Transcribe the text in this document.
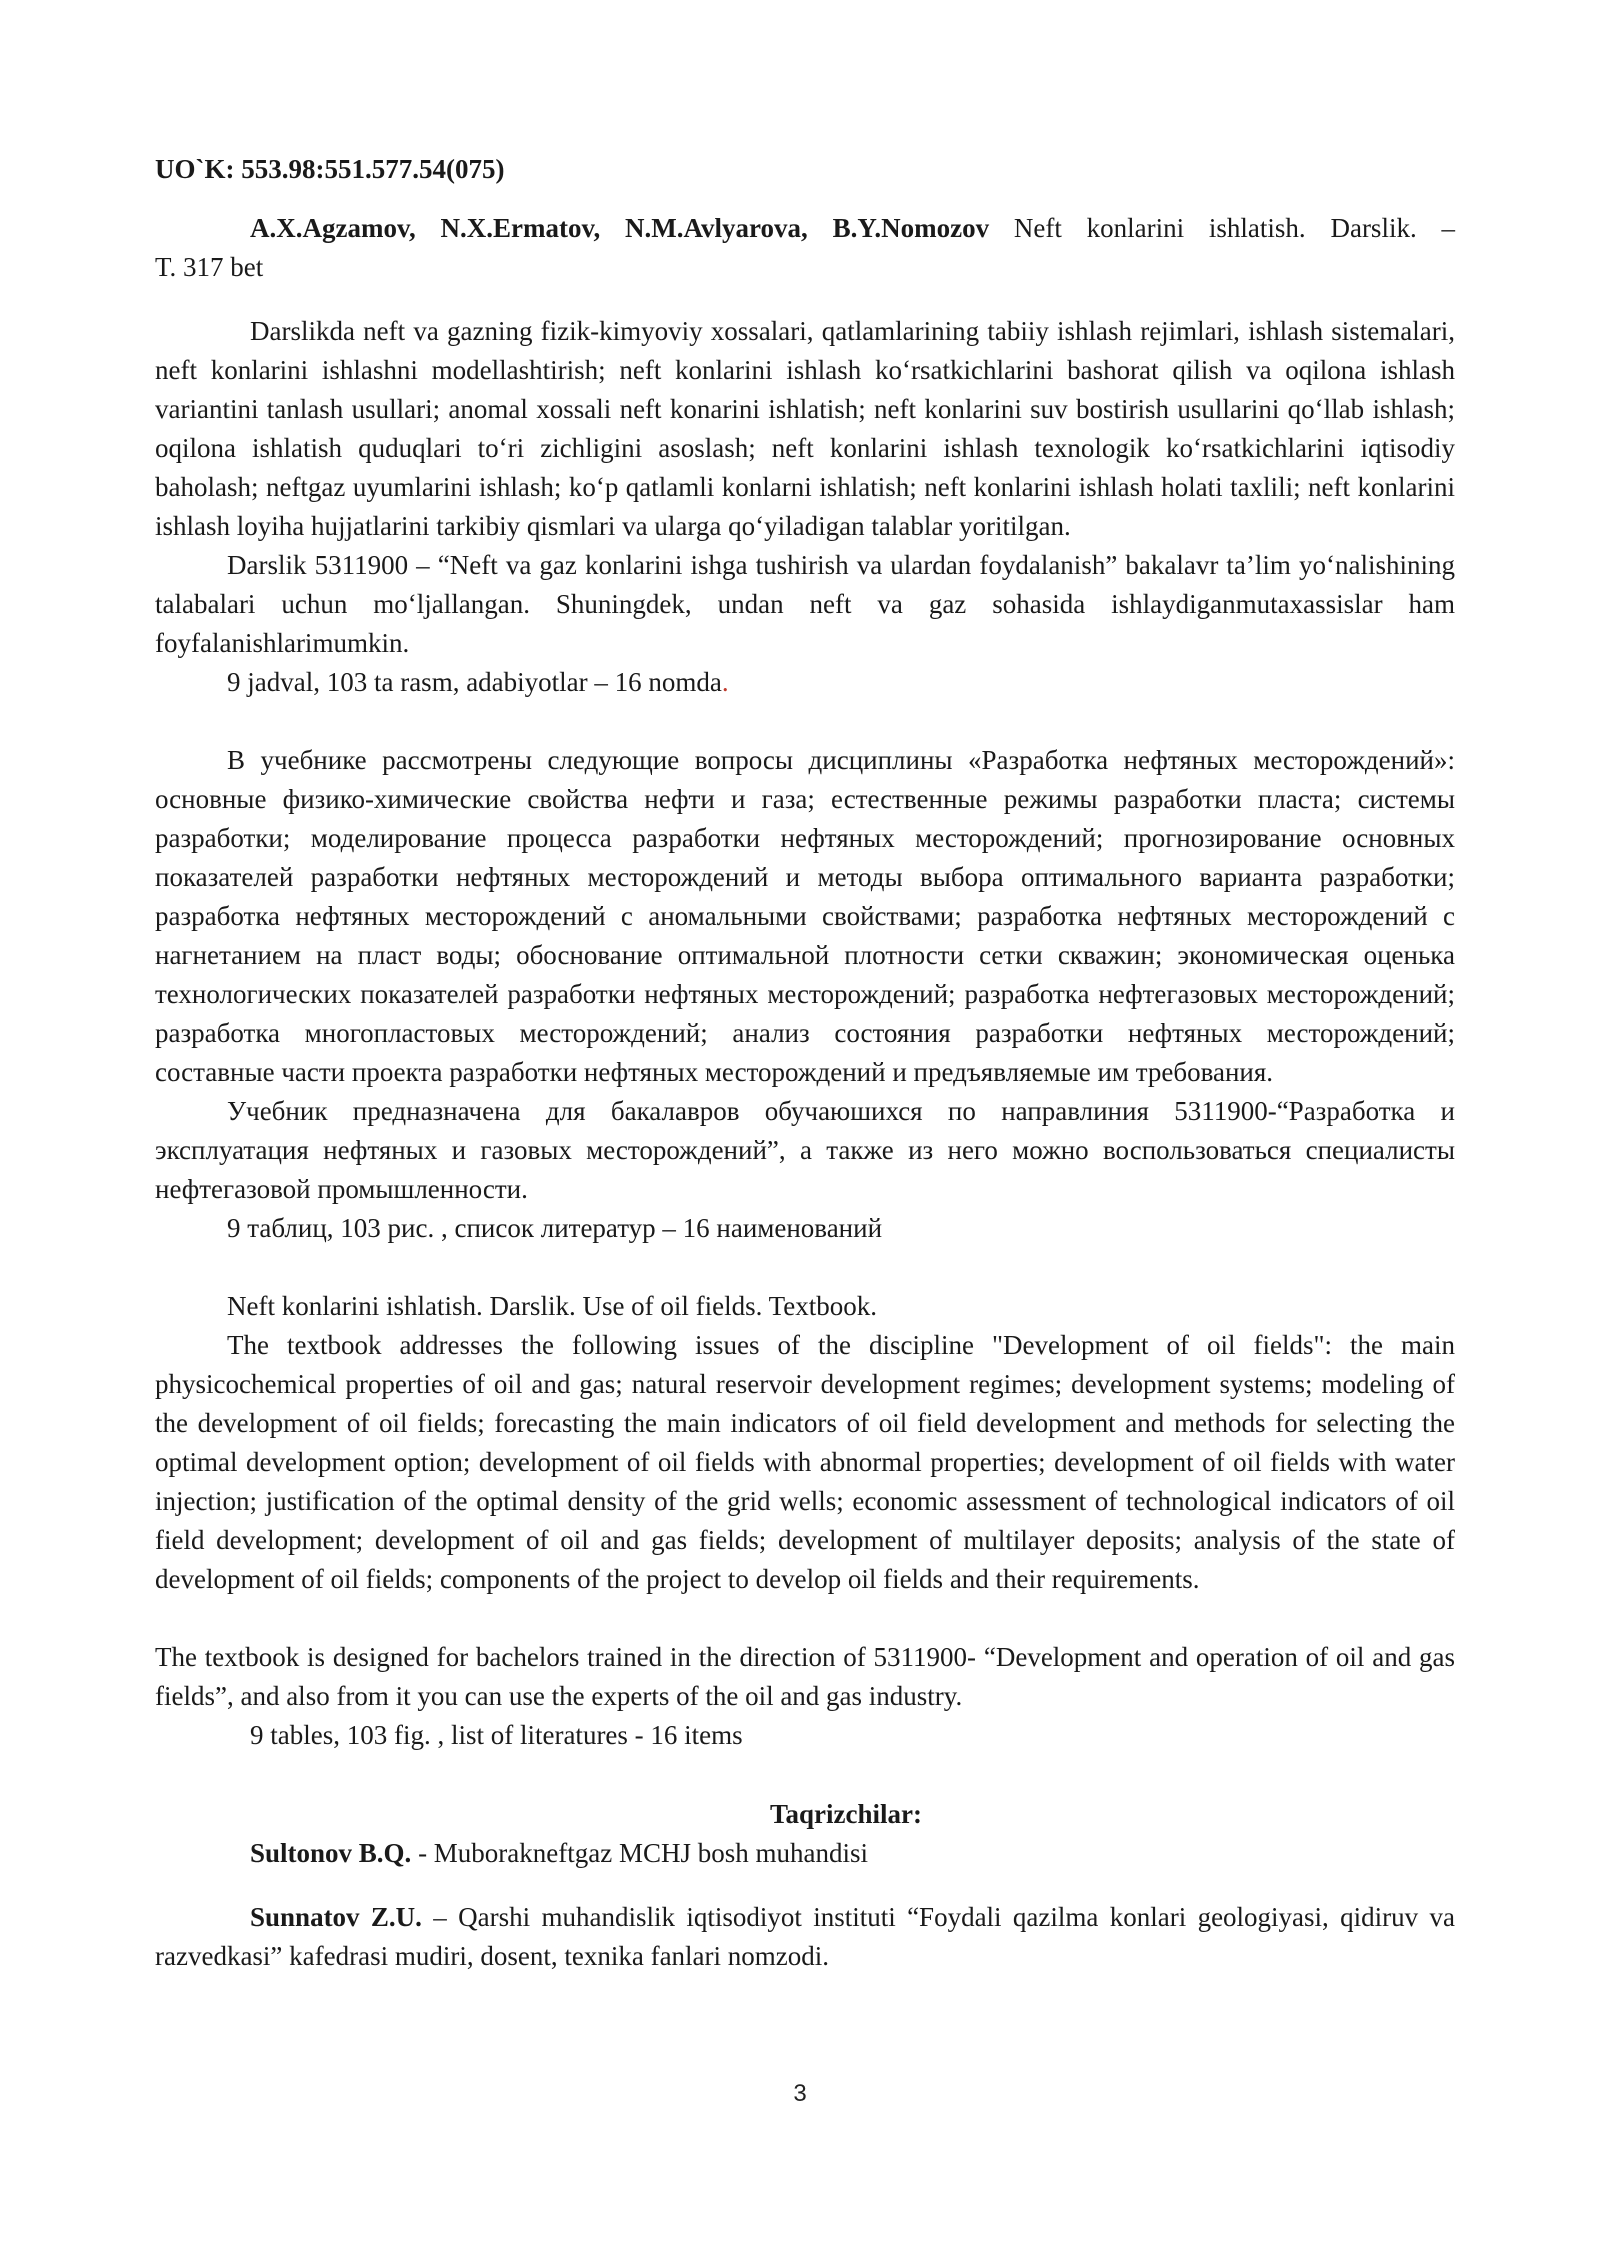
UO`K: 553.98:551.577.54(075)

A.X.Agzamov, N.X.Ermatov, N.M.Avlyarova, B.Y.Nomozov Neft konlarini ishlatish. Darslik. –

T. 317 bet

Darslikda neft va gazning fizik-kimyoviy xossalari, qatlamlarining tabiiy ishlash rejimlari, ishlash sistemalari, neft konlarini ishlashni modellashtirish; neft konlarini ishlash ko‘rsatkichlarini bashorat qilish va oqilona ishlash variantini tanlash usullari; anomal xossali neft konarini ishlatish; neft konlarini suv bostirish usullarini qo‘llab ishlash; oqilona ishlatish quduqlari to‘ri zichligini asoslash; neft konlarini ishlash texnologik ko‘rsatkichlarini iqtisodiy baholash; neftgaz uyumlarini ishlash; ko‘p qatlamli konlarni ishlatish; neft konlarini ishlash holati taxlili; neft konlarini ishlash loyiha hujjatlarini tarkibiy qismlari va ularga qo‘yiladigan talablar yoritilgan.

Darslik 5311900 – “Neft va gaz konlarini ishga tushirish va ulardan foydalanish” bakalavr ta’lim yo‘nalishining talabalari uchun mo‘ljallangan. Shuningdek, undan neft va gaz sohasida ishlaydiganmutaxassislar ham foyfalanishlarimumkin.

9 jadval, 103 ta rasm, adabiyotlar – 16 nomda.

В учебнике рассмотрены следующие вопросы дисциплины «Разработка нефтяных месторождений»: основные физико-химические свойства нефти и газа; естественные режимы разработки пласта; системы разработки; моделирование процесса разработки нефтяных месторождений; прогнозирование основных показателей разработки нефтяных месторождений и методы выбора оптимального варианта разработки; разработка нефтяных месторождений с аномальными свойствами; разработка нефтяных месторождений с нагнетанием на пласт воды; обоснование оптимальной плотности сетки скважин; экономическая оценька технологических показателей разработки нефтяных месторождений; разработка нефтегазовых месторождений; разработка многопластовых месторождений; анализ состояния разработки нефтяных месторождений; составные части проекта разработки нефтяных месторождений и предъявляемые им требования.

Учебник предназначена для бакалавров обучаюшихся по направлиния 5311900-“Разработка и эксплуатация нефтяных и газовых месторождений”, а также из него можно воспользоваться специалисты нефтегазовой промышленности.

9 таблиц, 103 рис. , список литератур – 16 наименований

Neft konlarini ishlatish. Darslik. Use of oil fields. Textbook.

The textbook addresses the following issues of the discipline "Development of oil fields": the main physicochemical properties of oil and gas; natural reservoir development regimes; development systems; modeling of the development of oil fields; forecasting the main indicators of oil field development and methods for selecting the optimal development option; development of oil fields with abnormal properties; development of oil fields with water injection; justification of the optimal density of the grid wells; economic assessment of technological indicators of oil field development; development of oil and gas fields; development of multilayer deposits; analysis of the state of development of oil fields; components of the project to develop oil fields and their requirements.

The textbook is designed for bachelors trained in the direction of 5311900- “Development and operation of oil and gas fields”, and also from it you can use the experts of the oil and gas industry.

9 tables, 103 fig. , list of literatures - 16 items

Taqrizchilar:

Sultonov B.Q. - Muborakneftgaz MCHJ bosh muhandisi

Sunnatov Z.U. – Qarshi muhandislik iqtisodiyot instituti “Foydali qazilma konlari geologiyasi, qidiruv va razvedkasi” kafedrasi mudiri, dosent, texnika fanlari nomzodi.

3
